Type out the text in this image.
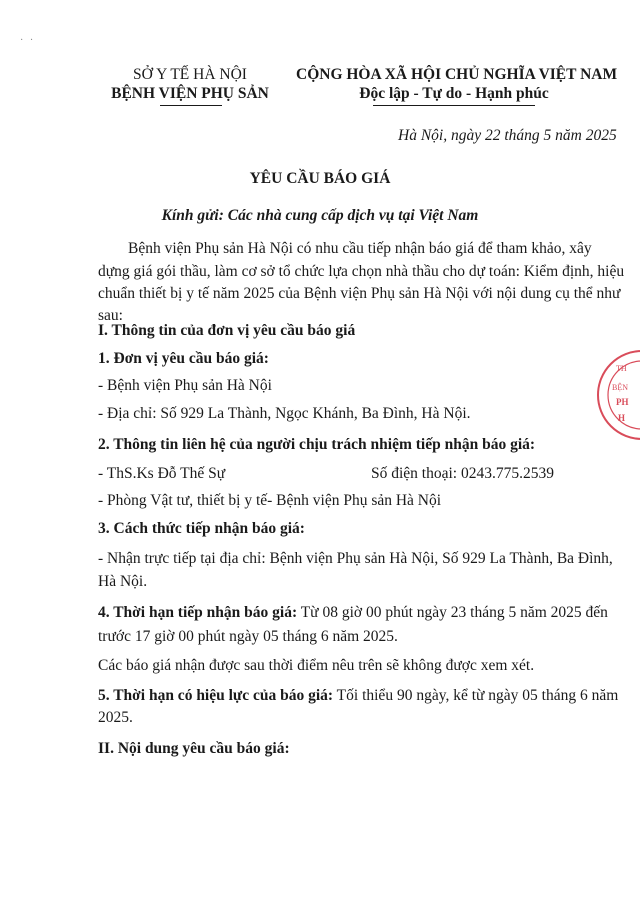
· ·
SỞ Y TẾ HÀ NỘI
BỆNH VIỆN PHỤ SẢN
CỘNG HÒA XÃ HỘI CHỦ NGHĨA VIỆT NAM
Độc lập - Tự do - Hạnh phúc
Hà Nội, ngày 22 tháng 5 năm 2025
YÊU CẦU BÁO GIÁ
Kính gửi: Các nhà cung cấp dịch vụ tại Việt Nam
Bệnh viện Phụ sản Hà Nội có nhu cầu tiếp nhận báo giá để tham khảo, xây
dựng giá gói thầu, làm cơ sở tổ chức lựa chọn nhà thầu cho dự toán: Kiểm định, hiệu
chuẩn thiết bị y tế năm 2025 của Bệnh viện Phụ sản Hà Nội với nội dung cụ thể như
sau:
I. Thông tin của đơn vị yêu cầu báo giá
1. Đơn vị yêu cầu báo giá:
- Bệnh viện Phụ sản Hà Nội
- Địa chỉ: Số 929 La Thành, Ngọc Khánh, Ba Đình, Hà Nội.
2. Thông tin liên hệ của người chịu trách nhiệm tiếp nhận báo giá:
- ThS.Ks Đỗ Thế Sự	Số điện thoại: 0243.775.2539
- Phòng Vật tư, thiết bị y tế- Bệnh viện Phụ sản Hà Nội
3. Cách thức tiếp nhận báo giá:
- Nhận trực tiếp tại địa chỉ: Bệnh viện Phụ sản Hà Nội, Số 929 La Thành, Ba Đình,
Hà Nội.
4. Thời hạn tiếp nhận báo giá: Từ 08 giờ 00 phút ngày 23 tháng 5 năm 2025 đến
trước 17 giờ 00 phút ngày 05 tháng 6 năm 2025.
Các báo giá nhận được sau thời điểm nêu trên sẽ không được xem xét.
5. Thời hạn có hiệu lực của báo giá: Tối thiểu 90 ngày, kể từ ngày 05 tháng 6 năm
2025.
II. Nội dung yêu cầu báo giá:
TH
BỆN
PH
H
